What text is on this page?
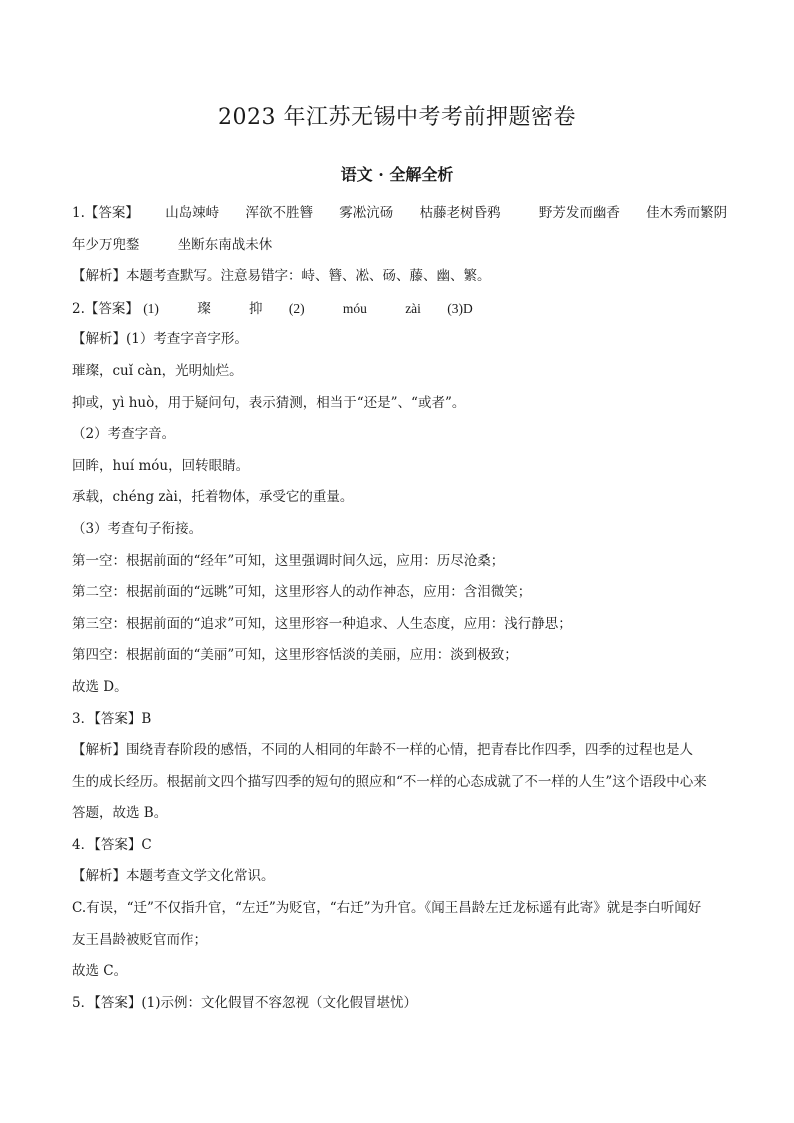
2023 年江苏无锡中考考前押题密卷
语文 · 全解全析
1.【答案】 山岛竦峙 浑欲不胜簪 雾凇沆砀 枯藤老树昏鸦	野芳发而幽香 佳木秀而繁阴
年少万兜鍪	坐断东南战未休
【解析】本题考查默写。注意易错字：峙、簪、凇、砀、藤、幽、繁。
2.【答案】 (1)	璨	抑 (2)	móu	zài (3)D
【解析】(1）考查字音字形。
璀璨，cuǐ càn，光明灿烂。
抑或，yì huò，用于疑问句，表示猜测，相当于“还是”、“或者”。
（2）考查字音。
回眸，huí móu，回转眼睛。
承载，chéng zài，托着物体，承受它的重量。
（3）考查句子衔接。
第一空：根据前面的“经年”可知，这里强调时间久远，应用：历尽沧桑；
第二空：根据前面的“远眺”可知，这里形容人的动作神态，应用：含泪微笑；
第三空：根据前面的“追求”可知，这里形容一种追求、人生态度，应用：浅行静思；
第四空：根据前面的“美丽”可知，这里形容恬淡的美丽，应用：淡到极致；
故选 D。
3．【答案】B
【解析】围绕青春阶段的感悟，不同的人相同的年龄不一样的心情，把青春比作四季，四季的过程也是人
生的成长经历。根据前文四个描写四季的短句的照应和“不一样的心态成就了不一样的人生”这个语段中心来
答题，故选 B。
4．【答案】C
【解析】本题考查文学文化常识。
C.有误，“迁”不仅指升官，“左迁”为贬官，“右迁”为升官。《闻王昌龄左迁龙标遥有此寄》就是李白听闻好
友王昌龄被贬官而作；
故选 C。
5．【答案】(1)示例：文化假冒不容忽视（文化假冒堪忧）
